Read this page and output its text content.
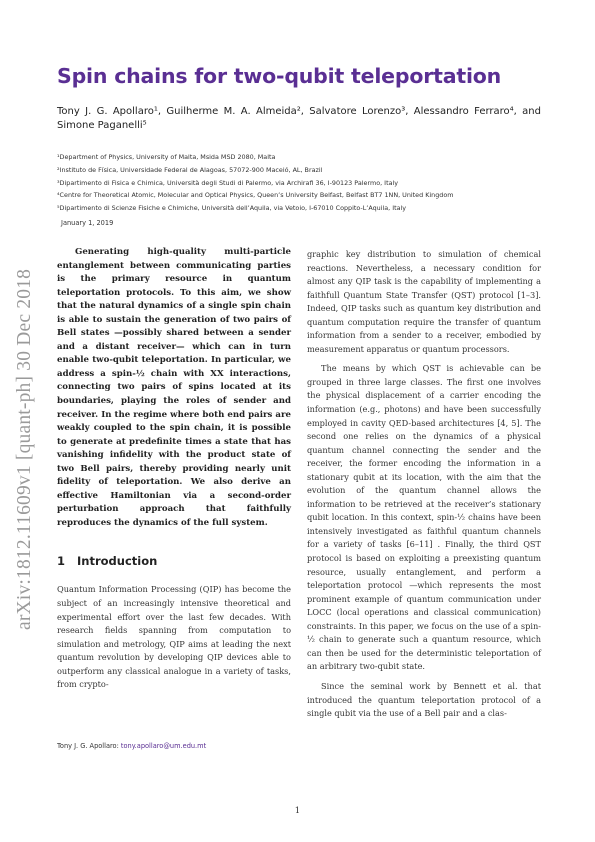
arXiv:1812.11609v1 [quant-ph] 30 Dec 2018
Spin chains for two-qubit teleportation
Tony J. G. Apollaro¹, Guilherme M. A. Almeida², Salvatore Lorenzo³, Alessandro Ferraro⁴, and Simone Paganelli⁵
¹Department of Physics, University of Malta, Msida MSD 2080, Malta
²Instituto de Física, Universidade Federal de Alagoas, 57072-900 Maceió, AL, Brazil
³Dipartimento di Fisica e Chimica, Università degli Studi di Palermo, via Archirafi 36, I-90123 Palermo, Italy
⁴Centre for Theoretical Atomic, Molecular and Optical Physics, Queen’s University Belfast, Belfast BT7 1NN, United Kingdom
⁵Dipartimento di Scienze Fisiche e Chimiche, Università dell’Aquila, via Vetoio, I-67010 Coppito-L’Aquila, Italy
January 1, 2019

Generating high-quality multi-particle entanglement between communicating parties is the primary resource in quantum teleportation protocols. To this aim, we show that the natural dynamics of a single spin chain is able to sustain the generation of two pairs of Bell states —possibly shared between a sender and a distant receiver— which can in turn enable two-qubit teleportation. In particular, we address a spin-½ chain with XX interactions, connecting two pairs of spins located at its boundaries, playing the roles of sender and receiver. In the regime where both end pairs are weakly coupled to the spin chain, it is possible to generate at predefinite times a state that has vanishing infidelity with the product state of two Bell pairs, thereby providing nearly unit fidelity of teleportation. We also derive an effective Hamiltonian via a second-order perturbation approach that faithfully reproduces the dynamics of the full system.

1 Introduction

Quantum Information Processing (QIP) has become the subject of an increasingly intensive theoretical and experimental effort over the last few decades. With research fields spanning from computation to simulation and metrology, QIP aims at leading the next quantum revolution by developing QIP devices able to outperform any classical analogue in a variety of tasks, from crypto-

graphic key distribution to simulation of chemical reactions. Nevertheless, a necessary condition for almost any QIP task is the capability of implementing a faithfull Quantum State Transfer (QST) protocol [1–3]. Indeed, QIP tasks such as quantum key distribution and quantum computation require the transfer of quantum information from a sender to a receiver, embodied by measurement apparatus or quantum processors.

The means by which QST is achievable can be grouped in three large classes. The first one involves the physical displacement of a carrier encoding the information (e.g., photons) and have been successfully employed in cavity QED-based architectures [4, 5]. The second one relies on the dynamics of a physical quantum channel connecting the sender and the receiver, the former encoding the information in a stationary qubit at its location, with the aim that the evolution of the quantum channel allows the information to be retrieved at the receiver’s stationary qubit location. In this context, spin-½ chains have been intensively investigated as faithful quantum channels for a variety of tasks [6–11] . Finally, the third QST protocol is based on exploiting a preexisting quantum resource, usually entanglement, and perform a teleportation protocol —which represents the most prominent example of quantum communication under LOCC (local operations and classical communication) constraints. In this paper, we focus on the use of a spin-½ chain to generate such a quantum resource, which can then be used for the deterministic teleportation of an arbitrary two-qubit state.

Since the seminal work by Bennett et al. that introduced the quantum teleportation protocol of a single qubit via the use of a Bell pair and a clas-

Tony J. G. Apollaro: tony.apollaro@um.edu.mt
1
